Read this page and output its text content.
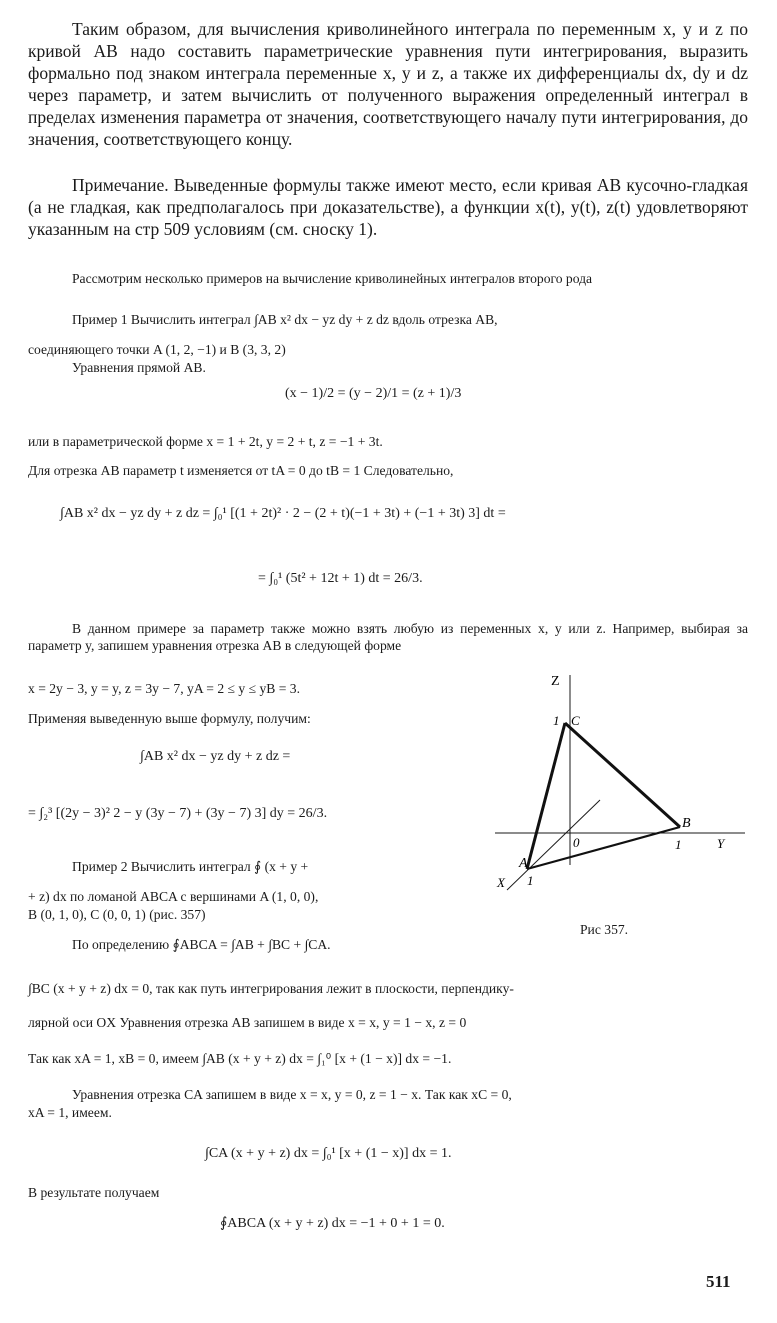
Таким образом, для вычисления криволинейного интеграла по переменным x, y и z по кривой AB надо составить параметрические уравнения пути интегрирования, выразить формально под знаком интеграла переменные x, y и z, а также их дифференциалы dx, dy и dz через параметр, и затем вычислить от полученного выражения определенный интеграл в пределах изменения параметра от значения, соответствующего началу пути интегрирования, до значения, соответствующего концу.

Примечание. Выведенные формулы также имеют место, если кривая AB кусочно-гладкая (а не гладкая, как предполагалось при доказательстве), а функции x(t), y(t), z(t) удовлетворяют указанным на стр 509 условиям (см. сноску 1).

Рассмотрим несколько примеров на вычисление криволинейных интегралов второго рода

Пример 1 Вычислить интеграл ∫AB x² dx − yz dy + z dz вдоль отрезка AB,
соединяющего точки A (1, 2, −1) и B (3, 3, 2)
Уравнения прямой AB.
(x − 1)/2 = (y − 2)/1 = (z + 1)/3
или в параметрической форме x = 1 + 2t, y = 2 + t, z = −1 + 3t.
Для отрезка AB параметр t изменяется от tA = 0 до tB = 1 Следовательно,
∫AB x² dx − yz dy + z dz = ∫₀¹ [(1 + 2t)² · 2 − (2 + t)(−1 + 3t) + (−1 + 3t) 3] dt =
= ∫₀¹ (5t² + 12t + 1) dt = 26/3.

В данном примере за параметр также можно взять любую из переменных x, y или z. Например, выбирая за параметр y, запишем уравнения отрезка AB в следующей форме

x = 2y − 3, y = y, z = 3y − 7, yA = 2 ≤ y ≤ yB = 3.
Применяя выведенную выше формулу, получим:
∫AB x² dx − yz dy + z dz =
= ∫₂³ [(2y − 3)² 2 − y (3y − 7) + (3y − 7) 3] dy = 26/3.
Пример 2 Вычислить интеграл ∮ (x + y +
+ z) dx по ломаной ABCA с вершинами A (1, 0, 0),
B (0, 1, 0), C (0, 0, 1) (рис. 357)
По определению ∮ABCA = ∫AB + ∫BC + ∫CA.
Z
Y
X
A
B
C
0
1
1
1
Рис 357.
∫BC (x + y + z) dx = 0, так как путь интегрирования лежит в плоскости, перпендику-
лярной оси OX Уравнения отрезка AB запишем в виде x = x, y = 1 − x, z = 0
Так как xA = 1, xB = 0, имеем ∫AB (x + y + z) dx = ∫₁⁰ [x + (1 − x)] dx = −1.
Уравнения отрезка CA запишем в виде x = x, y = 0, z = 1 − x. Так как xC = 0,
xA = 1, имеем.
∫CA (x + y + z) dx = ∫₀¹ [x + (1 − x)] dx = 1.
В результате получаем
∮ABCA (x + y + z) dx = −1 + 0 + 1 = 0.
511
